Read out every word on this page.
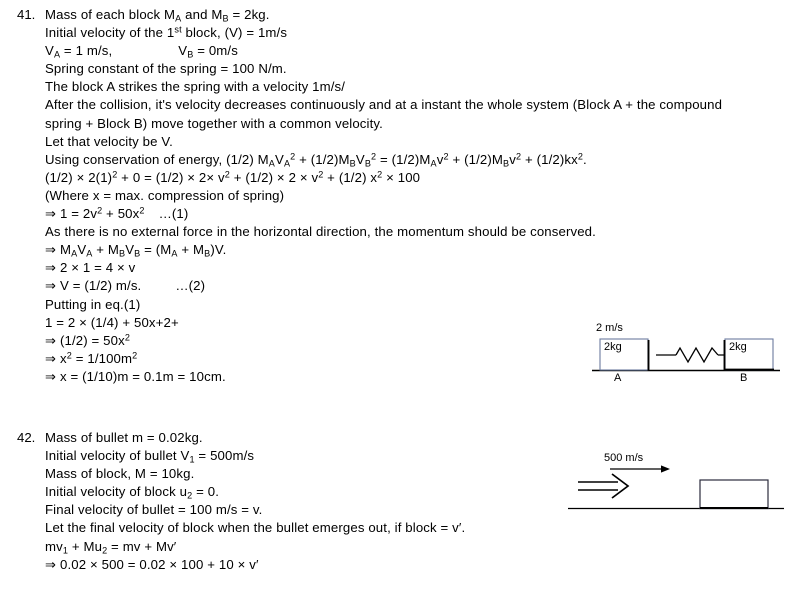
41. Mass of each block $M_A$ and $M_B = 2kg$.
Initial velocity of the 1st block, (V) = 1m/s
$V_A = 1$ m/s,	$V_B = 0m/s$
Spring constant of the spring = 100 N/m.
The block A strikes the spring with a velocity 1m/s/
After the collision, it's velocity decreases continuously and at a instant the whole system (Block A + the compound spring + Block B) move together with a common velocity.
Let that velocity be V.
Using conservation of energy, (1/2) $M_AV_A^2 + (1/2)M_BV_B^2 = (1/2)M_Av^2 + (1/2)M_Bv^2 + (1/2)kx^2$.
$(1/2) \times 2(1)^2 + 0 = (1/2) \times 2\times v^2 + (1/2) \times 2 \times v^2 + (1/2) x^2 \times 100$
(Where x = max. compression of spring)
⇒ $1 = 2v^2 + 50x^2$ …(1)
As there is no external force in the horizontal direction, the momentum should be conserved.
⇒ $M_AV_A + M_BV_B = (M_A + M_B)V$.
⇒ 2 × 1 = 4 × v
⇒ V = (1/2) m/s.	…(2)
Putting in eq.(1)
1 = 2 × (1/4) + 50x+2+
⇒ $(1/2) = 50x^2$
⇒ $x^2 = 1/100m^2$
⇒ x = (1/10)m = 0.1m = 10cm.
42. Mass of bullet m = 0.02kg.
Initial velocity of bullet $V_1 = 500m/s$
Mass of block, M = 10kg.
Initial velocity of block $u_2 = 0$.
Final velocity of bullet = 100 m/s = v.
Let the final velocity of block when the bullet emerges out, if block = v′.
$mv_1 + Mu_2$ = mv + Mv′
⇒ 0.02 × 500 = 0.02 × 100 + 10 × v′
2 m/s
2kg	2kg
A	B
500 m/s
